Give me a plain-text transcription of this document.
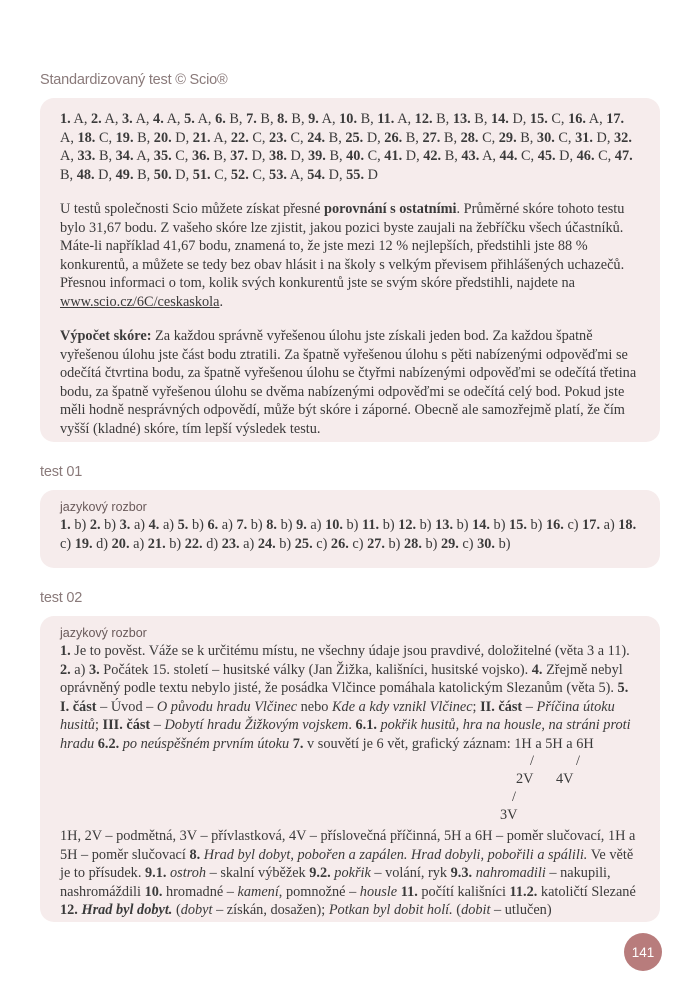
Standardizovaný test © Scio®

1. A, 2. A, 3. A, 4. A, 5. A, 6. B, 7. B, 8. B, 9. A, 10. B, 11. A, 12. B, 13. B, 14. D, 15. C, 16. A, 17. A, 18. C, 19. B, 20. D, 21. A, 22. C, 23. C, 24. B, 25. D, 26. B, 27. B, 28. C, 29. B, 30. C, 31. D, 32. A, 33. B, 34. A, 35. C, 36. B, 37. D, 38. D, 39. B, 40. C, 41. D, 42. B, 43. A, 44. C, 45. D, 46. C, 47. B, 48. D, 49. B, 50. D, 51. C, 52. C, 53. A, 54. D, 55. D

U testů společnosti Scio můžete získat přesné porovnání s ostatními. Průměrné skóre tohoto testu bylo 31,67 bodu. Z vašeho skóre lze zjistit, jakou pozici byste zaujali na žebříčku všech účastníků. Máte-li například 41,67 bodu, znamená to, že jste mezi 12 % nejlepších, předstihli jste 88 % konkurentů, a můžete se tedy bez obav hlásit i na školy s velkým převisem přihlášených uchazečů. Přesnou informaci o tom, kolik svých konkurentů jste se svým skóre předstihli, najdete na www.scio.cz/6C/ceskaskola.

Výpočet skóre: Za každou správně vyřešenou úlohu jste získali jeden bod. Za každou špatně vyřešenou úlohu jste část bodu ztratili. Za špatně vyřešenou úlohu s pěti nabízenými odpověďmi se odečítá čtvrtina bodu, za špatně vyřešenou úlohu se čtyřmi nabízenými odpověďmi se odečítá třetina bodu, za špatně vyřešenou úlohu se dvěma nabízenými odpověďmi se odečítá celý bod. Pokud jste měli hodně nesprávných odpovědí, může být skóre i záporné. Obecně ale samozřejmě platí, že čím vyšší (kladné) skóre, tím lepší výsledek testu.

test 01
jazykový rozbor

1. b) 2. b) 3. a) 4. a) 5. b) 6. a) 7. b) 8. b) 9. a) 10. b) 11. b) 12. b) 13. b) 14. b) 15. b) 16. c) 17. a) 18. c) 19. d) 20. a) 21. b) 22. d) 23. a) 24. b) 25. c) 26. c) 27. b) 28. b) 29. c) 30. b)

test 02
jazykový rozbor

1. Je to pověst. Váže se k určitému místu, ne všechny údaje jsou pravdivé, doložitelné (věta 3 a 11). 2. a) 3. Počátek 15. století – husitské války (Jan Žižka, kališníci, husitské vojsko). 4. Zřejmě nebyl oprávněný podle textu nebylo jisté, že posádka Vlčince pomáhala katolickým Slezanům (věta 5). 5. I. část – Úvod – O původu hradu Vlčinec nebo Kde a kdy vznikl Vlčinec; II. část – Příčina útoku husitů; III. část – Dobytí hradu Žižkovým vojskem. 6.1. pokřik husitů, hra na housle, na stráni proti hradu 6.2. po neúspěšném prvním útoku 7. v souvětí je 6 vět, grafický záznam: 1H a 5H a 6H

/	/
2V 4V
/
3V

1H, 2V – podmětná, 3V – přívlastková, 4V – příslovečná příčinná, 5H a 6H – poměr slučovací, 1H a 5H – poměr slučovací 8. Hrad byl dobyt, pobořen a zapálen. Hrad dobyli, pobořili a spálili. Ve větě je to přísudek. 9.1. ostroh – skalní výběžek 9.2. pokřik – volání, ryk 9.3. nahromadili – nakupili, nashromáždili 10. hromadné – kamení, pomnožné – housle 11. počítí kališníci 11.2. katoličtí Slezané 12. Hrad byl dobyt. (dobyt – získán, dosažen); Potkan byl dobit holí. (dobit – utlučen)

141
